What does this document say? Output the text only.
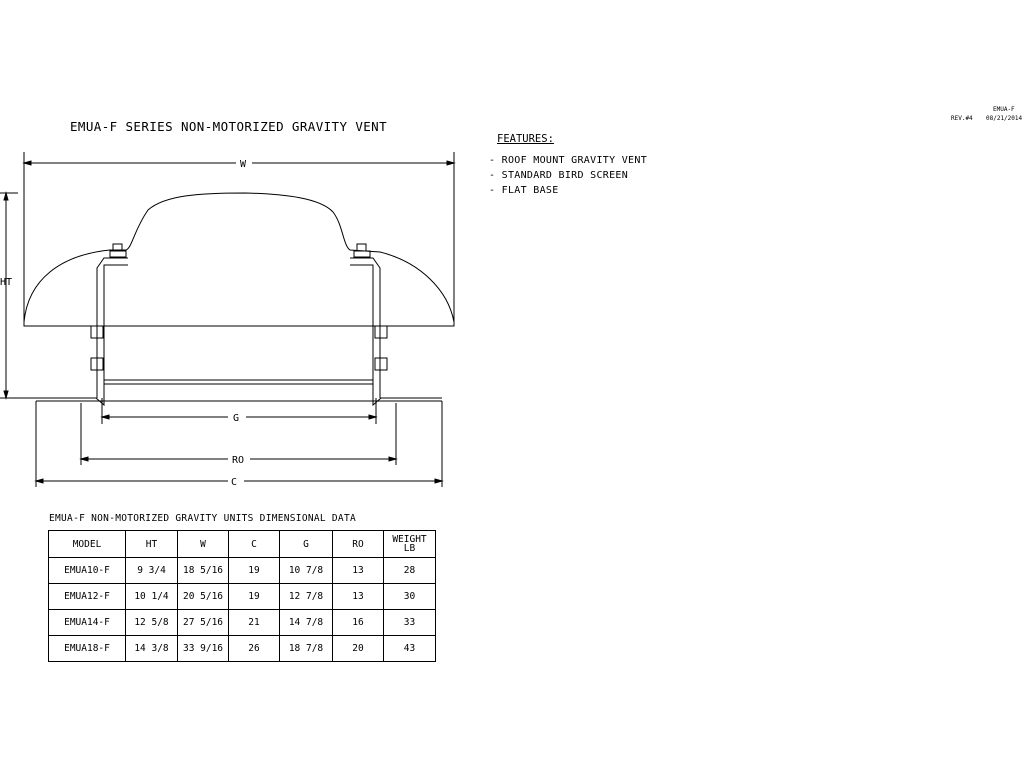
EMUA-F SERIES NON-MOTORIZED GRAVITY VENT
EMUA-F
REV.#4 08/21/2014
FEATURES:
- ROOF MOUNT GRAVITY VENT
- STANDARD BIRD SCREEN
- FLAT BASE
W
HT
G
RO
C
EMUA-F NON-MOTORIZED GRAVITY UNITS DIMENSIONAL DATA
MODEL	HT	W	C	G	RO	WEIGHT
LB
EMUA10-F	9 3/4	18 5/16	19	10 7/8	13	28
EMUA12-F	10 1/4	20 5/16	19	12 7/8	13	30
EMUA14-F	12 5/8	27 5/16	21	14 7/8	16	33
EMUA18-F	14 3/8	33 9/16	26	18 7/8	20	43
